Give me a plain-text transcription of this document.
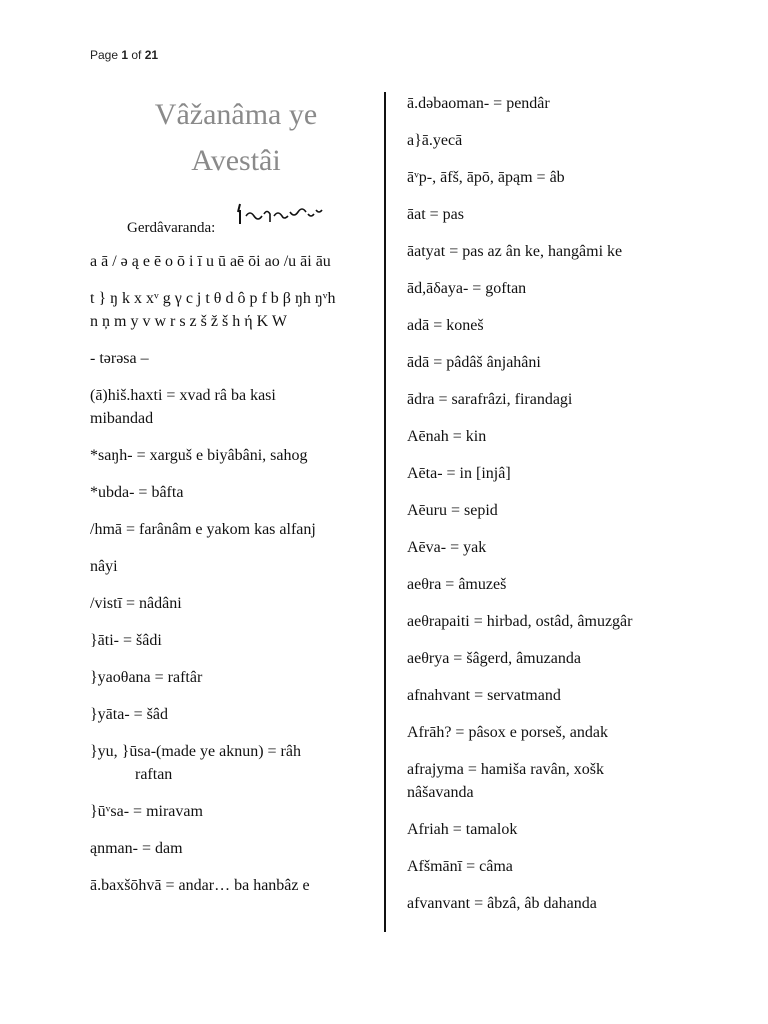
Page 1 of 21
Vâžanâma ye
Avestâi
Gerdâvaranda:

a ā / ə ą e ē o ō i ī u ū aē ōi ao /u āi āu

t } ŋ k x xᵛ g γ c j t θ d ô p f b β ŋh ŋᵛh
n ņ m y v w r s z š ž š h ή K W

- tərəsa –

(ā)hiš.haxti = xvad râ ba kasi
mibandad

*saŋh- = xarguš e biyâbâni, sahog

*ubda- = bâfta

/hmā = farânâm e yakom kas alfanj

nâyi

/vistī = nâdâni

}āti- = šâdi

}yaoθana = raftâr

}yāta- = šâd

}yu, }ūsa-(made ye aknun) = râh
raftan

}ūᵛsa- = miravam

ąnman- = dam

ā.baxšōhvā = andar… ba hanbâz e

ā.dəbaoman- = pendâr

a}ā.yecā

āᵛp-, āfš, āpō, āpąm = âb

āat = pas

āatyat = pas az ân ke, hangâmi ke

ād,āδaya- = goftan

adā = koneš

ādā = pâdâš ânjahâni

ādra = sarafrâzi, firandagi

Aēnah = kin

Aēta- = in [injâ]

Aēuru = sepid

Aēva- = yak

aeθra = âmuzeš

aeθrapaiti = hirbad, ostâd, âmuzgâr

aeθrya = šâgerd, âmuzanda

afnahvant = servatmand

Afrāh? = pâsox e porseš, andak

afrajyma = hamiša ravân, xošk
nâšavanda

Afriah = tamalok

Afšmānī = câma

afvanvant = âbzâ, âb dahanda
